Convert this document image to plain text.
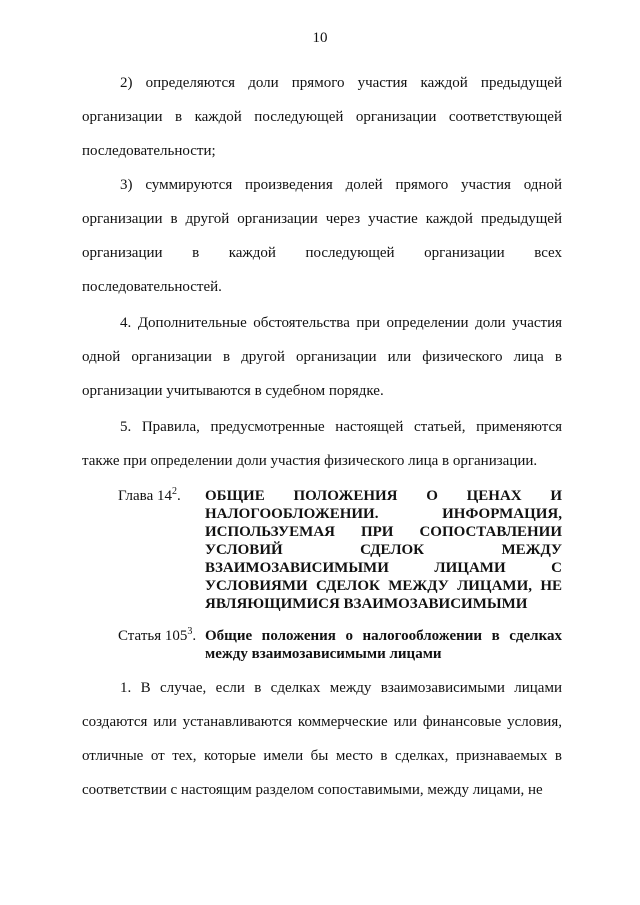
10
2) определяются доли прямого участия каждой предыдущей организации в каждой последующей организации соответствующей последовательности;
3) суммируются произведения долей прямого участия одной организации в другой организации через участие каждой предыдущей организации в каждой последующей организации всех последовательностей.
4. Дополнительные обстоятельства при определении доли участия одной организации в другой организации или физического лица в организации учитываются в судебном порядке.
5. Правила, предусмотренные настоящей статьей, применяются также при определении доли участия физического лица в организации.
Глава $14^2$. ОБЩИЕ ПОЛОЖЕНИЯ О ЦЕНАХ И НАЛОГООБЛОЖЕНИИ. ИНФОРМАЦИЯ, ИСПОЛЬЗУЕМАЯ ПРИ СОПОСТАВЛЕНИИ УСЛОВИЙ СДЕЛОК МЕЖДУ ВЗАИМОЗАВИСИМЫМИ ЛИЦАМИ С УСЛОВИЯМИ СДЕЛОК МЕЖДУ ЛИЦАМИ, НЕ ЯВЛЯЮЩИМИСЯ ВЗАИМОЗАВИСИМЫМИ
Статья $105^3$. Общие положения о налогообложении в сделках между взаимозависимыми лицами
1. В случае, если в сделках между взаимозависимыми лицами создаются или устанавливаются коммерческие или финансовые условия, отличные от тех, которые имели бы место в сделках, признаваемых в соответствии с настоящим разделом сопоставимыми, между лицами, не
